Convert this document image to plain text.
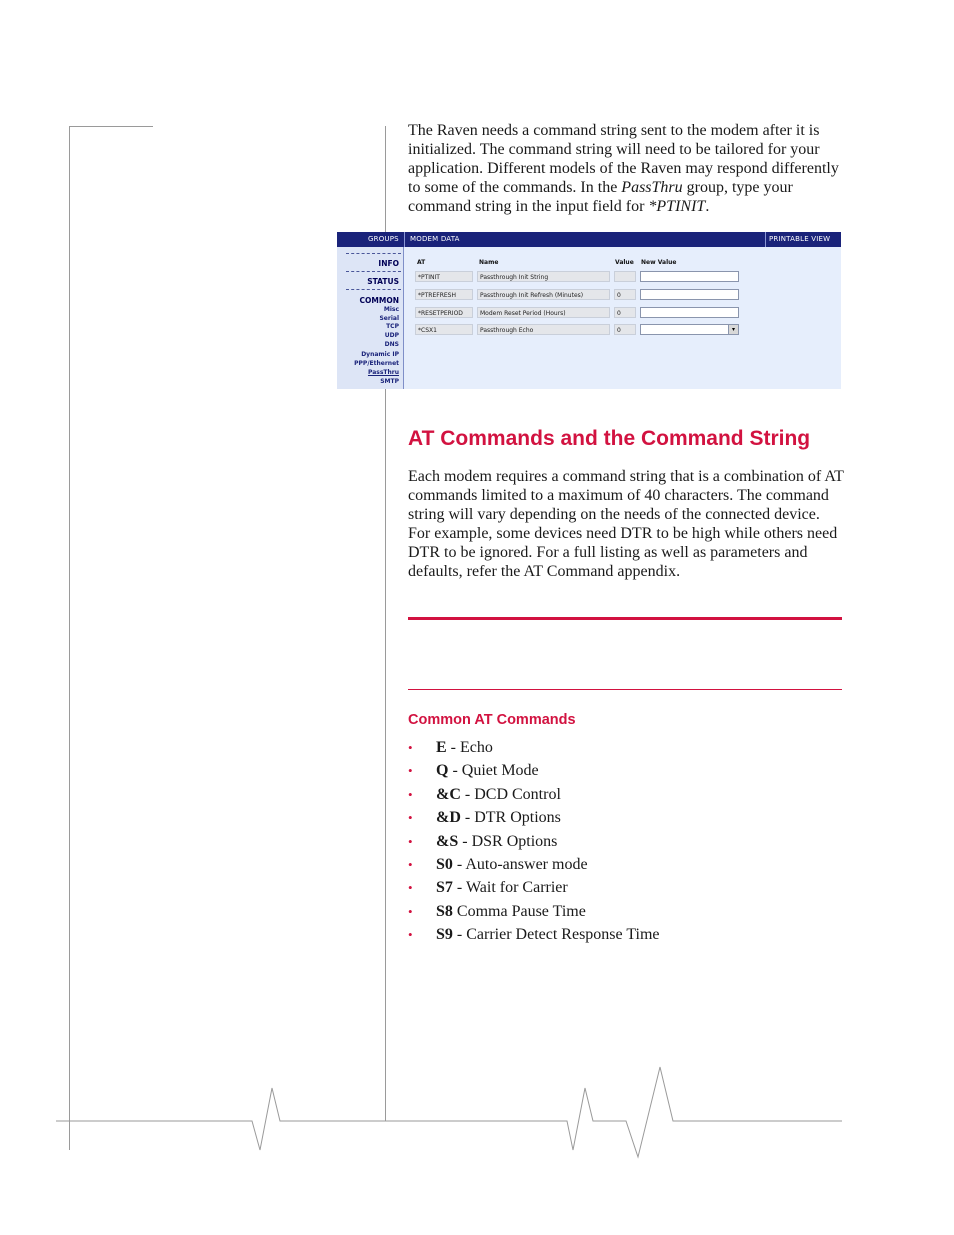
The Raven needs a command string sent to the modem after it is initialized. The command string will need to be tailored for your application. Different models of the Raven may respond differently to some of the commands. In the PassThru group, type your command string in the input field for *PTINIT.

GROUPS MODEM DATA	PRINTABLE VIEW
INFO
STATUS
COMMON
Misc
Serial
TCP
UDP
DNS
Dynamic IP
PPP/Ethernet
PassThru
SMTP
AT	Name	Value New Value
*PTINIT	Passthrough Init String
*PTREFRESH	Passthrough Init Refresh (Minutes)	0
*RESETPERIOD	Modem Reset Period (Hours)	0
*CSX1	Passthrough Echo	0	▾
AT Commands and the Command String

Each modem requires a command string that is a combination of AT commands limited to a maximum of 40 characters. The command string will vary depending on the needs of the connected device. For example, some devices need DTR to be high while others need DTR to be ignored. For a full listing as well as parameters and defaults, refer the AT Command appendix.

Common AT Commands
• E - Echo
• Q - Quiet Mode
• &C - DCD Control
• &D - DTR Options
• &S - DSR Options
• S0 - Auto-answer mode
• S7 - Wait for Carrier
• S8 Comma Pause Time
• S9 - Carrier Detect Response Time
